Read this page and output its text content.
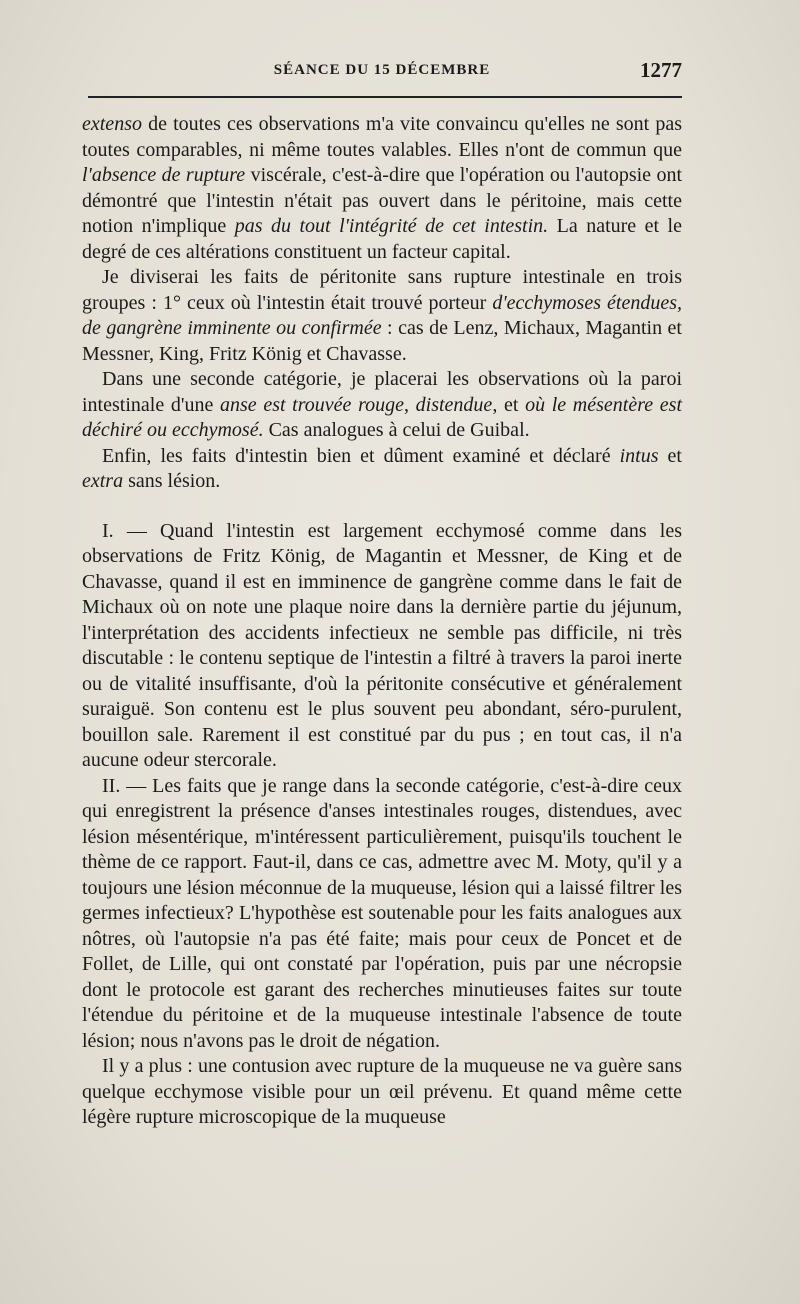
SÉANCE DU 15 DÉCEMBRE	1277

extenso de toutes ces observations m'a vite convaincu qu'elles ne sont pas toutes comparables, ni même toutes valables. Elles n'ont de commun que l'absence de rupture viscérale, c'est-à-dire que l'opération ou l'autopsie ont démontré que l'intestin n'était pas ouvert dans le péritoine, mais cette notion n'implique pas du tout l'intégrité de cet intestin. La nature et le degré de ces altérations constituent un facteur capital.

Je diviserai les faits de péritonite sans rupture intestinale en trois groupes : 1° ceux où l'intestin était trouvé porteur d'ecchymoses étendues, de gangrène imminente ou confirmée : cas de Lenz, Michaux, Magantin et Messner, King, Fritz König et Chavasse.

Dans une seconde catégorie, je placerai les observations où la paroi intestinale d'une anse est trouvée rouge, distendue, et où le mésentère est déchiré ou ecchymosé. Cas analogues à celui de Guibal.

Enfin, les faits d'intestin bien et dûment examiné et déclaré intus et extra sans lésion.

I. — Quand l'intestin est largement ecchymosé comme dans les observations de Fritz König, de Magantin et Messner, de King et de Chavasse, quand il est en imminence de gangrène comme dans le fait de Michaux où on note une plaque noire dans la dernière partie du jéjunum, l'interprétation des accidents infectieux ne semble pas difficile, ni très discutable : le contenu septique de l'intestin a filtré à travers la paroi inerte ou de vitalité insuffisante, d'où la péritonite consécutive et généralement suraiguë. Son contenu est le plus souvent peu abondant, séro-purulent, bouillon sale. Rarement il est constitué par du pus ; en tout cas, il n'a aucune odeur stercorale.

II. — Les faits que je range dans la seconde catégorie, c'est-à-dire ceux qui enregistrent la présence d'anses intestinales rouges, distendues, avec lésion mésentérique, m'intéressent particulièrement, puisqu'ils touchent le thème de ce rapport. Faut-il, dans ce cas, admettre avec M. Moty, qu'il y a toujours une lésion méconnue de la muqueuse, lésion qui a laissé filtrer les germes infectieux? L'hypothèse est soutenable pour les faits analogues aux nôtres, où l'autopsie n'a pas été faite; mais pour ceux de Poncet et de Follet, de Lille, qui ont constaté par l'opération, puis par une nécropsie dont le protocole est garant des recherches minutieuses faites sur toute l'étendue du péritoine et de la muqueuse intestinale l'absence de toute lésion; nous n'avons pas le droit de négation.

Il y a plus : une contusion avec rupture de la muqueuse ne va guère sans quelque ecchymose visible pour un œil prévenu. Et quand même cette légère rupture microscopique de la muqueuse
